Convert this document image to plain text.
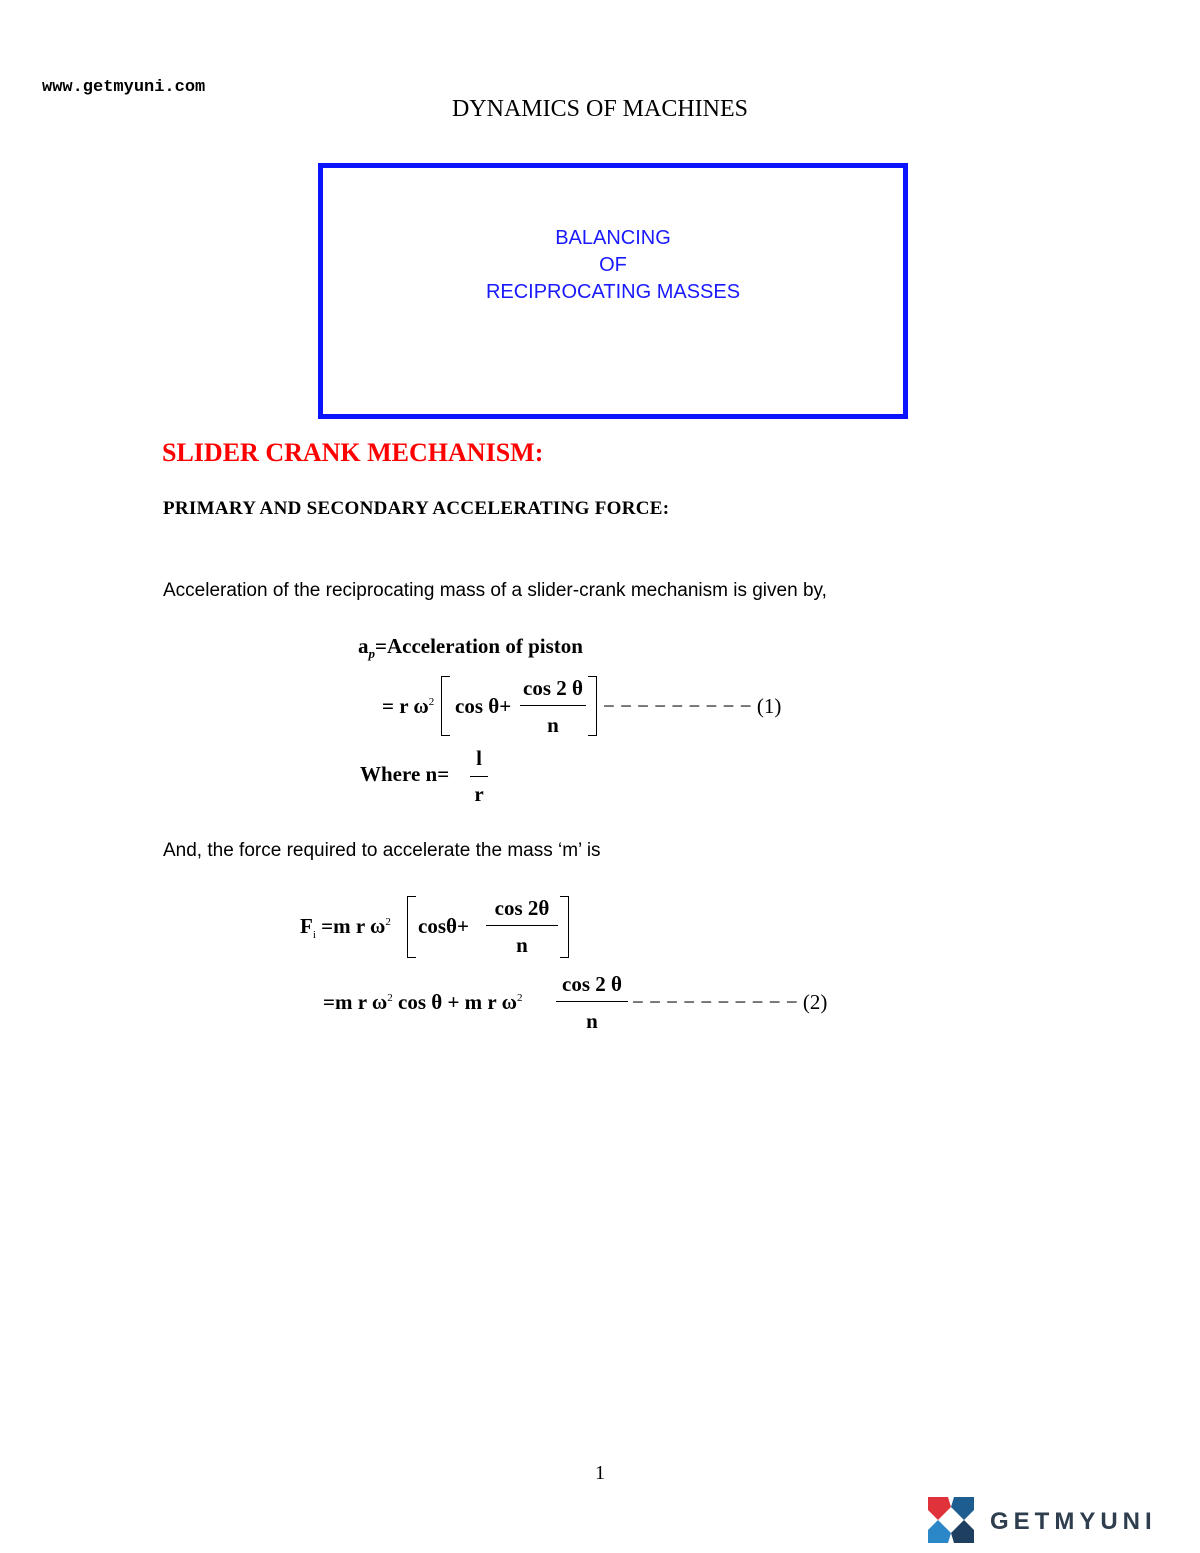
www.getmyuni.com
DYNAMICS OF MACHINES
BALANCING
OF
RECIPROCATING MASSES
SLIDER CRANK MECHANISM:
PRIMARY AND SECONDARY ACCELERATING FORCE:
Acceleration of the reciprocating mass of a slider-crank mechanism is given by,
$a_p=Acceleration$ of piston
= r $\omega^2$ cos θ+
cos 2 θ
n
− − − − − − − − − (1)
Where n=
l
r
And, the force required to accelerate the mass ‘m’ is
$F_i =m$ r $\omega^2$ cosθ+
cos 2θ
n
=m r $\omega^2$ cos θ + m r $\omega^2$
cos 2 θ
n
− − − − − − − − − − (2)
1
GETMYUNI
